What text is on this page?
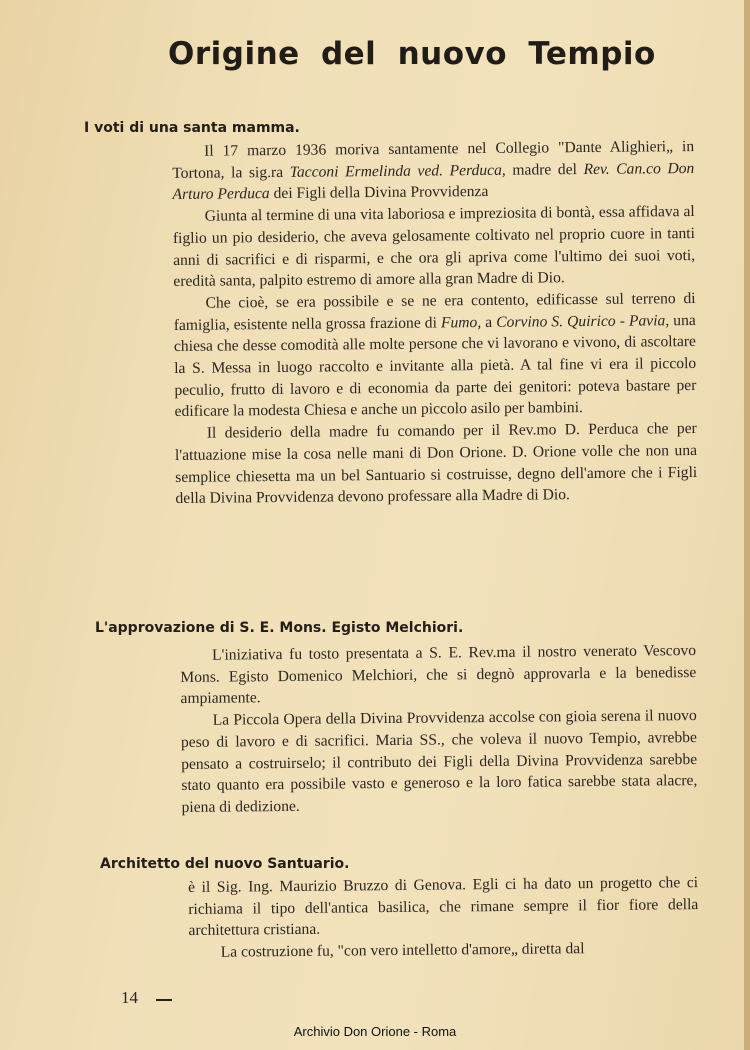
Origine del nuovo Tempio
I voti di una santa mamma.

Il 17 marzo 1936 moriva santamente nel Collegio "Dante Alighieri„ in Tortona, la sig.ra Tacconi Ermelinda ved. Perduca, madre del Rev. Can.co Don Arturo Perduca dei Figli della Divina Provvidenza

Giunta al termine di una vita laboriosa e impreziosita di bontà, essa affidava al figlio un pio desiderio, che aveva gelosamente coltivato nel proprio cuore in tanti anni di sacrifici e di risparmi, e che ora gli apriva come l'ultimo dei suoi voti, eredità santa, palpito estremo di amore alla gran Madre di Dio.

Che cioè, se era possibile e se ne era contento, edificasse sul terreno di famiglia, esistente nella grossa frazione di Fumo, a Corvino S. Quirico - Pavia, una chiesa che desse comodità alle molte persone che vi lavorano e vivono, di ascoltare la S. Messa in luogo raccolto e invitante alla pietà. A tal fine vi era il piccolo peculio, frutto di lavoro e di economia da parte dei genitori: poteva bastare per edificare la modesta Chiesa e anche un piccolo asilo per bambini.

Il desiderio della madre fu comando per il Rev.mo D. Perduca che per l'attuazione mise la cosa nelle mani di Don Orione. D. Orione volle che non una semplice chiesetta ma un bel Santuario si costruisse, degno dell'amore che i Figli della Divina Provvidenza devono professare alla Madre di Dio.

L'approvazione di S. E. Mons. Egisto Melchiori.

L'iniziativa fu tosto presentata a S. E. Rev.ma il nostro venerato Vescovo Mons. Egisto Domenico Melchiori, che si degnò approvarla e la benedisse ampiamente.

La Piccola Opera della Divina Provvidenza accolse con gioia serena il nuovo peso di lavoro e di sacrifici. Maria SS., che voleva il nuovo Tempio, avrebbe pensato a costruirselo; il contributo dei Figli della Divina Provvidenza sarebbe stato quanto era possibile vasto e generoso e la loro fatica sarebbe stata alacre, piena di dedizione.

Architetto del nuovo Santuario.

è il Sig. Ing. Maurizio Bruzzo di Genova. Egli ci ha dato un progetto che ci richiama il tipo dell'antica basilica, che rimane sempre il fior fiore della architettura cristiana.

La costruzione fu, "con vero intelletto d'amore„ diretta dal

14
Archivio Don Orione - Roma
